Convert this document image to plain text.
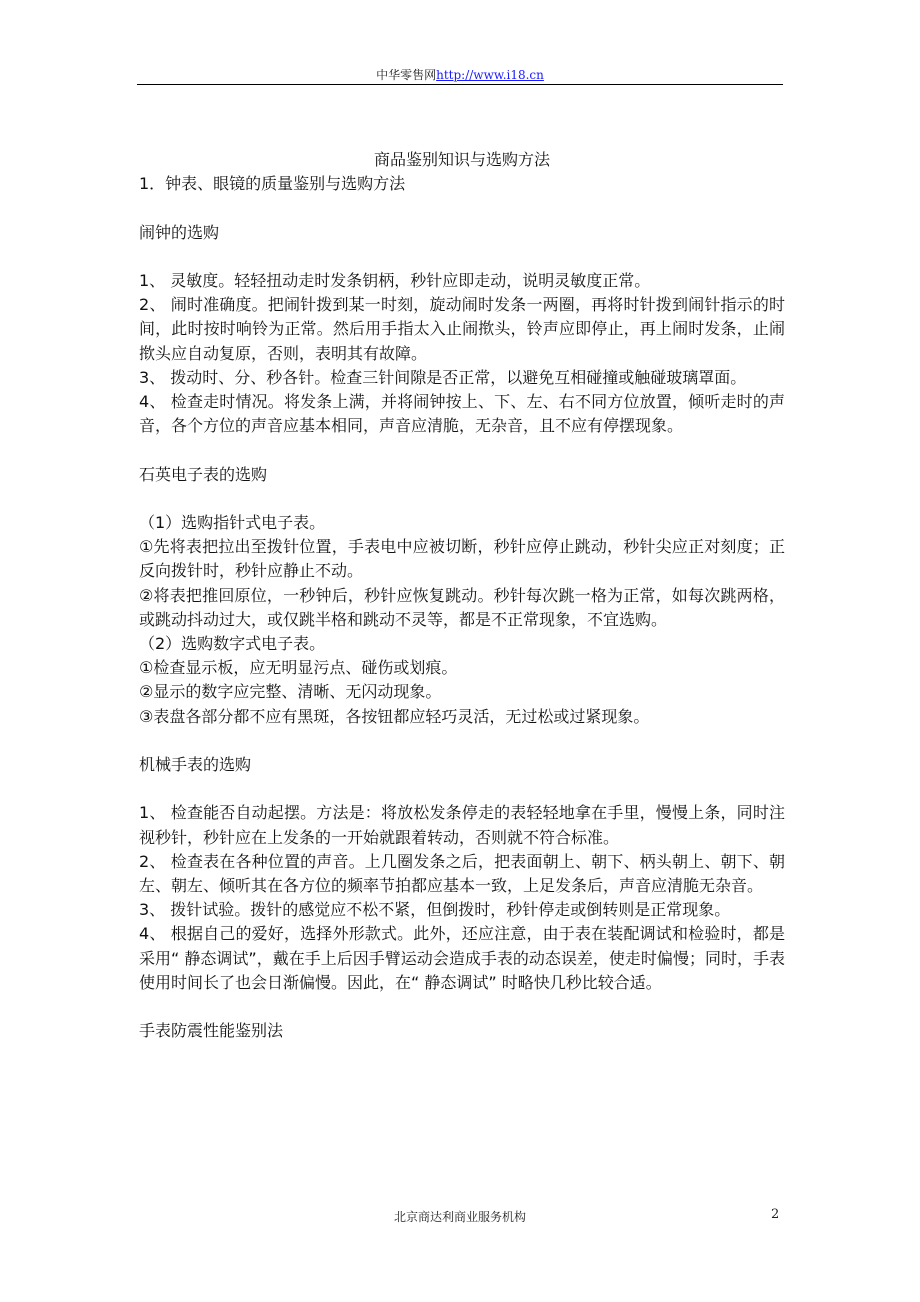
中华零售网http://www.i18.cn

商品鉴别知识与选购方法

1．钟表、眼镜的质量鉴别与选购方法

闹钟的选购

1、 灵敏度。轻轻扭动走时发条钥柄，秒针应即走动，说明灵敏度正常。

2、 闹时准确度。把闹针拨到某一时刻，旋动闹时发条一两圈，再将时针拨到闹针指示的时间，此时按时响铃为正常。然后用手指太入止闹揿头，铃声应即停止，再上闹时发条，止闹揿头应自动复原，否则，表明其有故障。

3、 拨动时、分、秒各针。检查三针间隙是否正常，以避免互相碰撞或触碰玻璃罩面。

4、 检查走时情况。将发条上满，并将闹钟按上、下、左、右不同方位放置，倾听走时的声音，各个方位的声音应基本相同，声音应清脆，无杂音，且不应有停摆现象。

石英电子表的选购

（1）选购指针式电子表。

①先将表把拉出至拨针位置，手表电中应被切断，秒针应停止跳动，秒针尖应正对刻度；正反向拨针时，秒针应静止不动。

②将表把推回原位，一秒钟后，秒针应恢复跳动。秒针每次跳一格为正常，如每次跳两格，或跳动抖动过大，或仅跳半格和跳动不灵等，都是不正常现象，不宜选购。

（2）选购数字式电子表。

①检查显示板，应无明显污点、碰伤或划痕。

②显示的数字应完整、清晰、无闪动现象。

③表盘各部分都不应有黑斑，各按钮都应轻巧灵活，无过松或过紧现象。

机械手表的选购

1、 检查能否自动起摆。方法是：将放松发条停走的表轻轻地拿在手里，慢慢上条，同时注视秒针，秒针应在上发条的一开始就跟着转动，否则就不符合标准。

2、 检查表在各种位置的声音。上几圈发条之后，把表面朝上、朝下、柄头朝上、朝下、朝左、朝左、倾听其在各方位的频率节拍都应基本一致，上足发条后，声音应清脆无杂音。

3、 拨针试验。拨针的感觉应不松不紧，但倒拨时，秒针停走或倒转则是正常现象。

4、 根据自己的爱好，选择外形款式。此外，还应注意，由于表在装配调试和检验时，都是采用“ 静态调试”，戴在手上后因手臂运动会造成手表的动态误差，使走时偏慢；同时，手表使用时间长了也会日渐偏慢。因此，在“ 静态调试” 时略快几秒比较合适。

手表防震性能鉴别法

北京商达利商业服务机构	2
